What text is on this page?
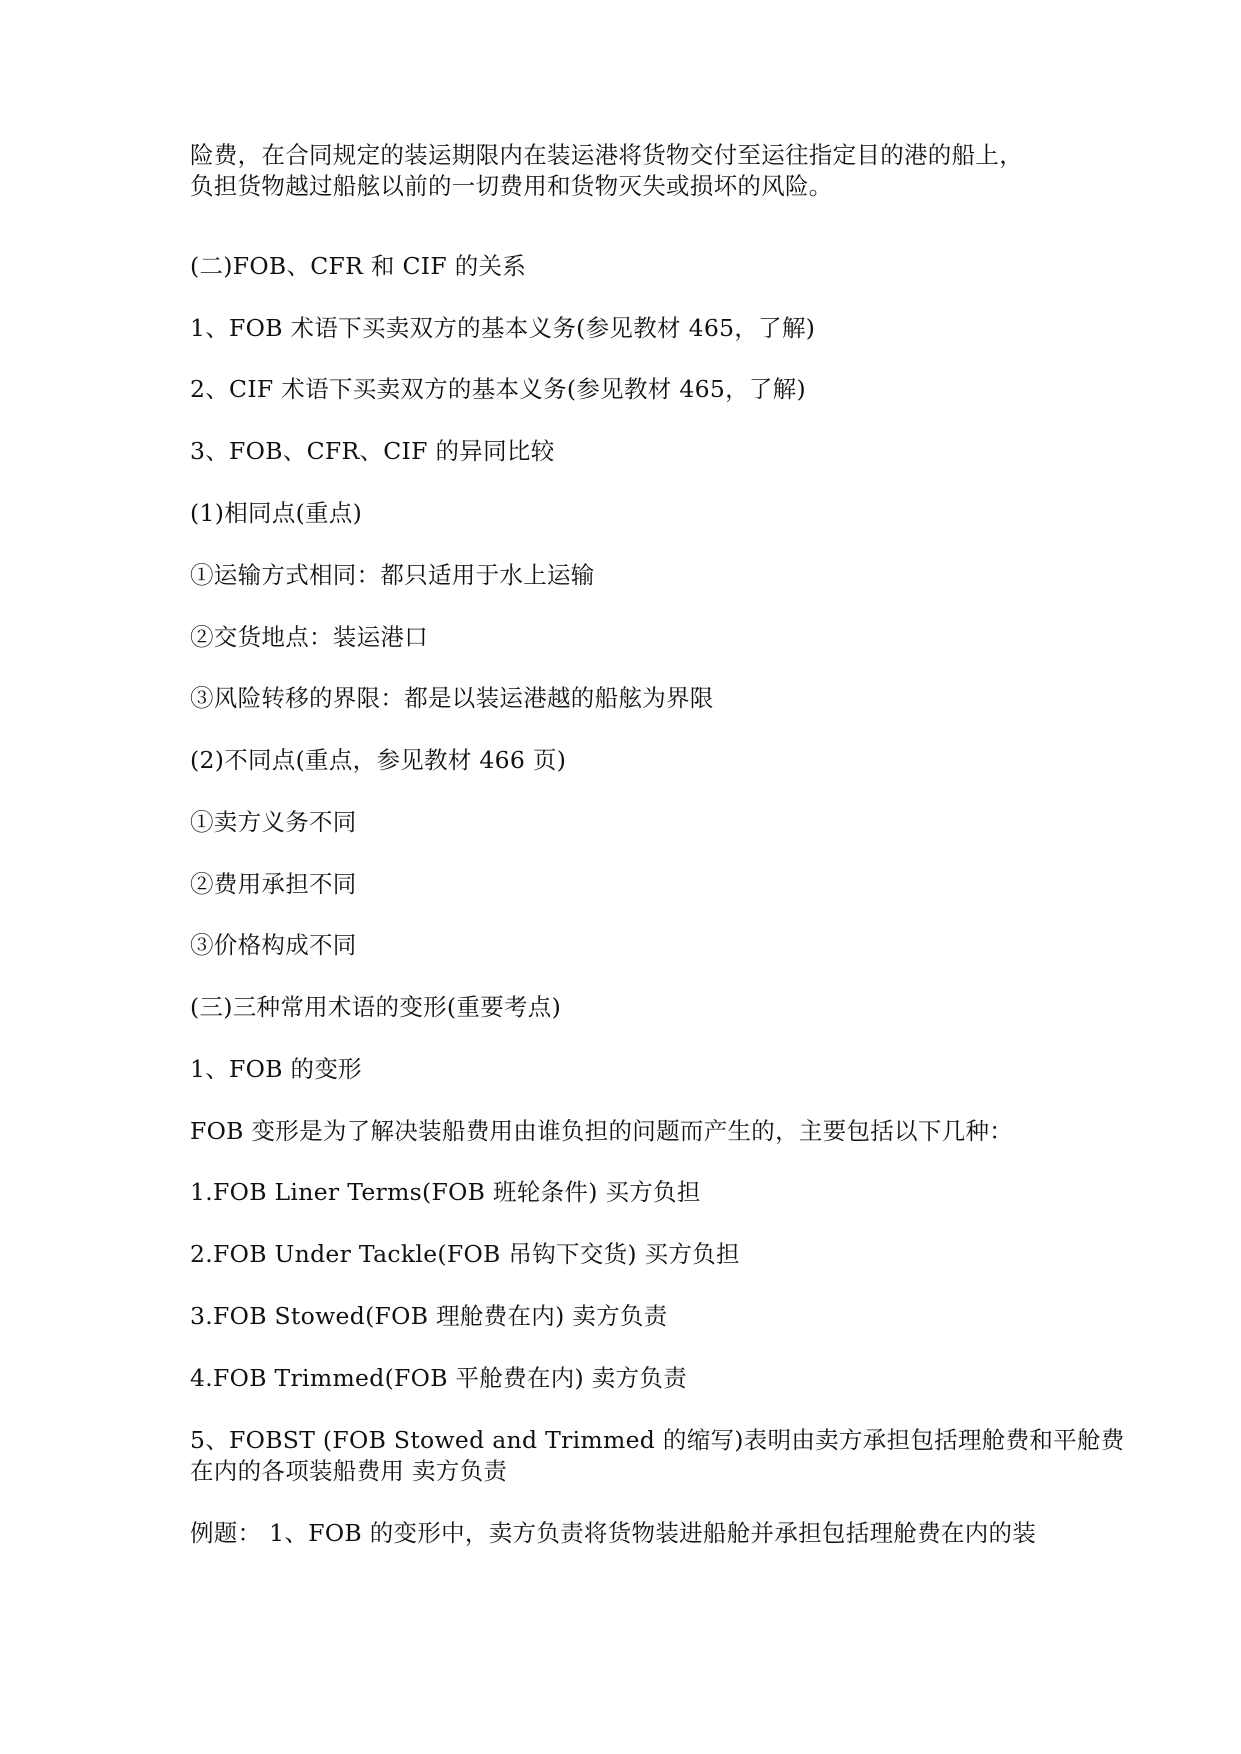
险费，在合同规定的装运期限内在装运港将货物交付至运往指定目的港的船上，
负担货物越过船舷以前的一切费用和货物灭失或损坏的风险。
(二)FOB、CFR 和 CIF 的关系
1、FOB 术语下买卖双方的基本义务(参见教材 465，了解)
2、CIF 术语下买卖双方的基本义务(参见教材 465，了解)
3、FOB、CFR、CIF 的异同比较
(1)相同点(重点)
①运输方式相同：都只适用于水上运输
②交货地点：装运港口
③风险转移的界限：都是以装运港越的船舷为界限
(2)不同点(重点，参见教材 466 页)
①卖方义务不同
②费用承担不同
③价格构成不同
(三)三种常用术语的变形(重要考点)
1、FOB 的变形
FOB 变形是为了解决装船费用由谁负担的问题而产生的，主要包括以下几种：
1.FOB Liner Terms(FOB 班轮条件) 买方负担
2.FOB Under Tackle(FOB 吊钩下交货) 买方负担
3.FOB Stowed(FOB 理舱费在内) 卖方负责
4.FOB Trimmed(FOB 平舱费在内) 卖方负责
5、FOBST (FOB Stowed and Trimmed 的缩写)表明由卖方承担包括理舱费和平舱费
在内的各项装船费用 卖方负责
例题： 1、FOB 的变形中，卖方负责将货物装进船舱并承担包括理舱费在内的装
